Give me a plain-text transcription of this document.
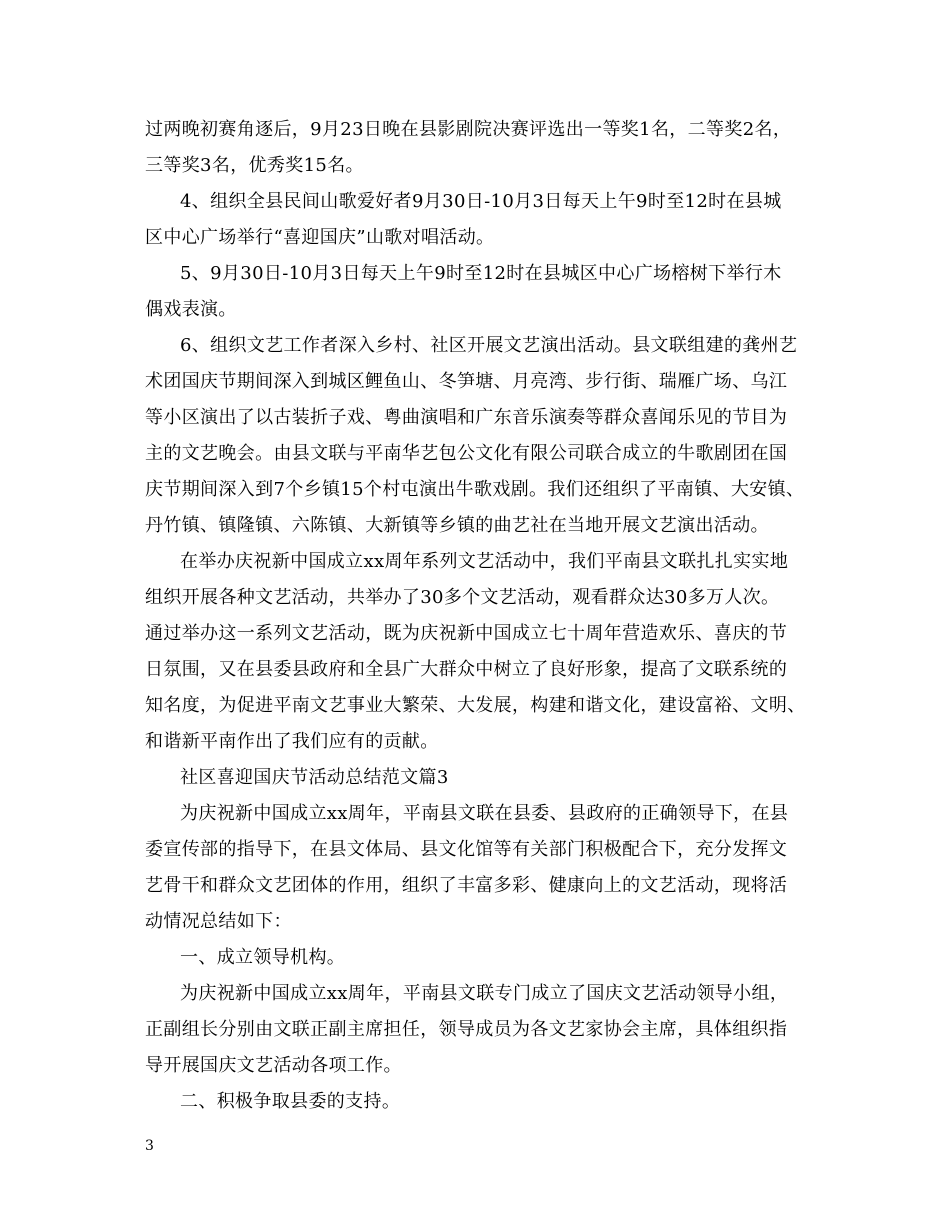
过两晚初赛角逐后，9月23日晚在县影剧院决赛评选出一等奖1名，二等奖2名，
三等奖3名，优秀奖15名。
4、组织全县民间山歌爱好者9月30日-10月3日每天上午9时至12时在县城
区中心广场举行“喜迎国庆”山歌对唱活动。
5、9月30日-10月3日每天上午9时至12时在县城区中心广场榕树下举行木
偶戏表演。
6、组织文艺工作者深入乡村、社区开展文艺演出活动。县文联组建的龚州艺
术团国庆节期间深入到城区鲤鱼山、冬笋塘、月亮湾、步行街、瑞雁广场、乌江
等小区演出了以古装折子戏、粤曲演唱和广东音乐演奏等群众喜闻乐见的节目为
主的文艺晚会。由县文联与平南华艺包公文化有限公司联合成立的牛歌剧团在国
庆节期间深入到7个乡镇15个村屯演出牛歌戏剧。我们还组织了平南镇、大安镇、
丹竹镇、镇隆镇、六陈镇、大新镇等乡镇的曲艺社在当地开展文艺演出活动。
在举办庆祝新中国成立xx周年系列文艺活动中，我们平南县文联扎扎实实地
组织开展各种文艺活动，共举办了30多个文艺活动，观看群众达30多万人次。
通过举办这一系列文艺活动，既为庆祝新中国成立七十周年营造欢乐、喜庆的节
日氛围，又在县委县政府和全县广大群众中树立了良好形象，提高了文联系统的
知名度，为促进平南文艺事业大繁荣、大发展，构建和谐文化，建设富裕、文明、
和谐新平南作出了我们应有的贡献。
社区喜迎国庆节活动总结范文篇3
为庆祝新中国成立xx周年，平南县文联在县委、县政府的正确领导下，在县
委宣传部的指导下，在县文体局、县文化馆等有关部门积极配合下，充分发挥文
艺骨干和群众文艺团体的作用，组织了丰富多彩、健康向上的文艺活动，现将活
动情况总结如下：
一、成立领导机构。
为庆祝新中国成立xx周年，平南县文联专门成立了国庆文艺活动领导小组，
正副组长分别由文联正副主席担任，领导成员为各文艺家协会主席，具体组织指
导开展国庆文艺活动各项工作。
二、积极争取县委的支持。
3
